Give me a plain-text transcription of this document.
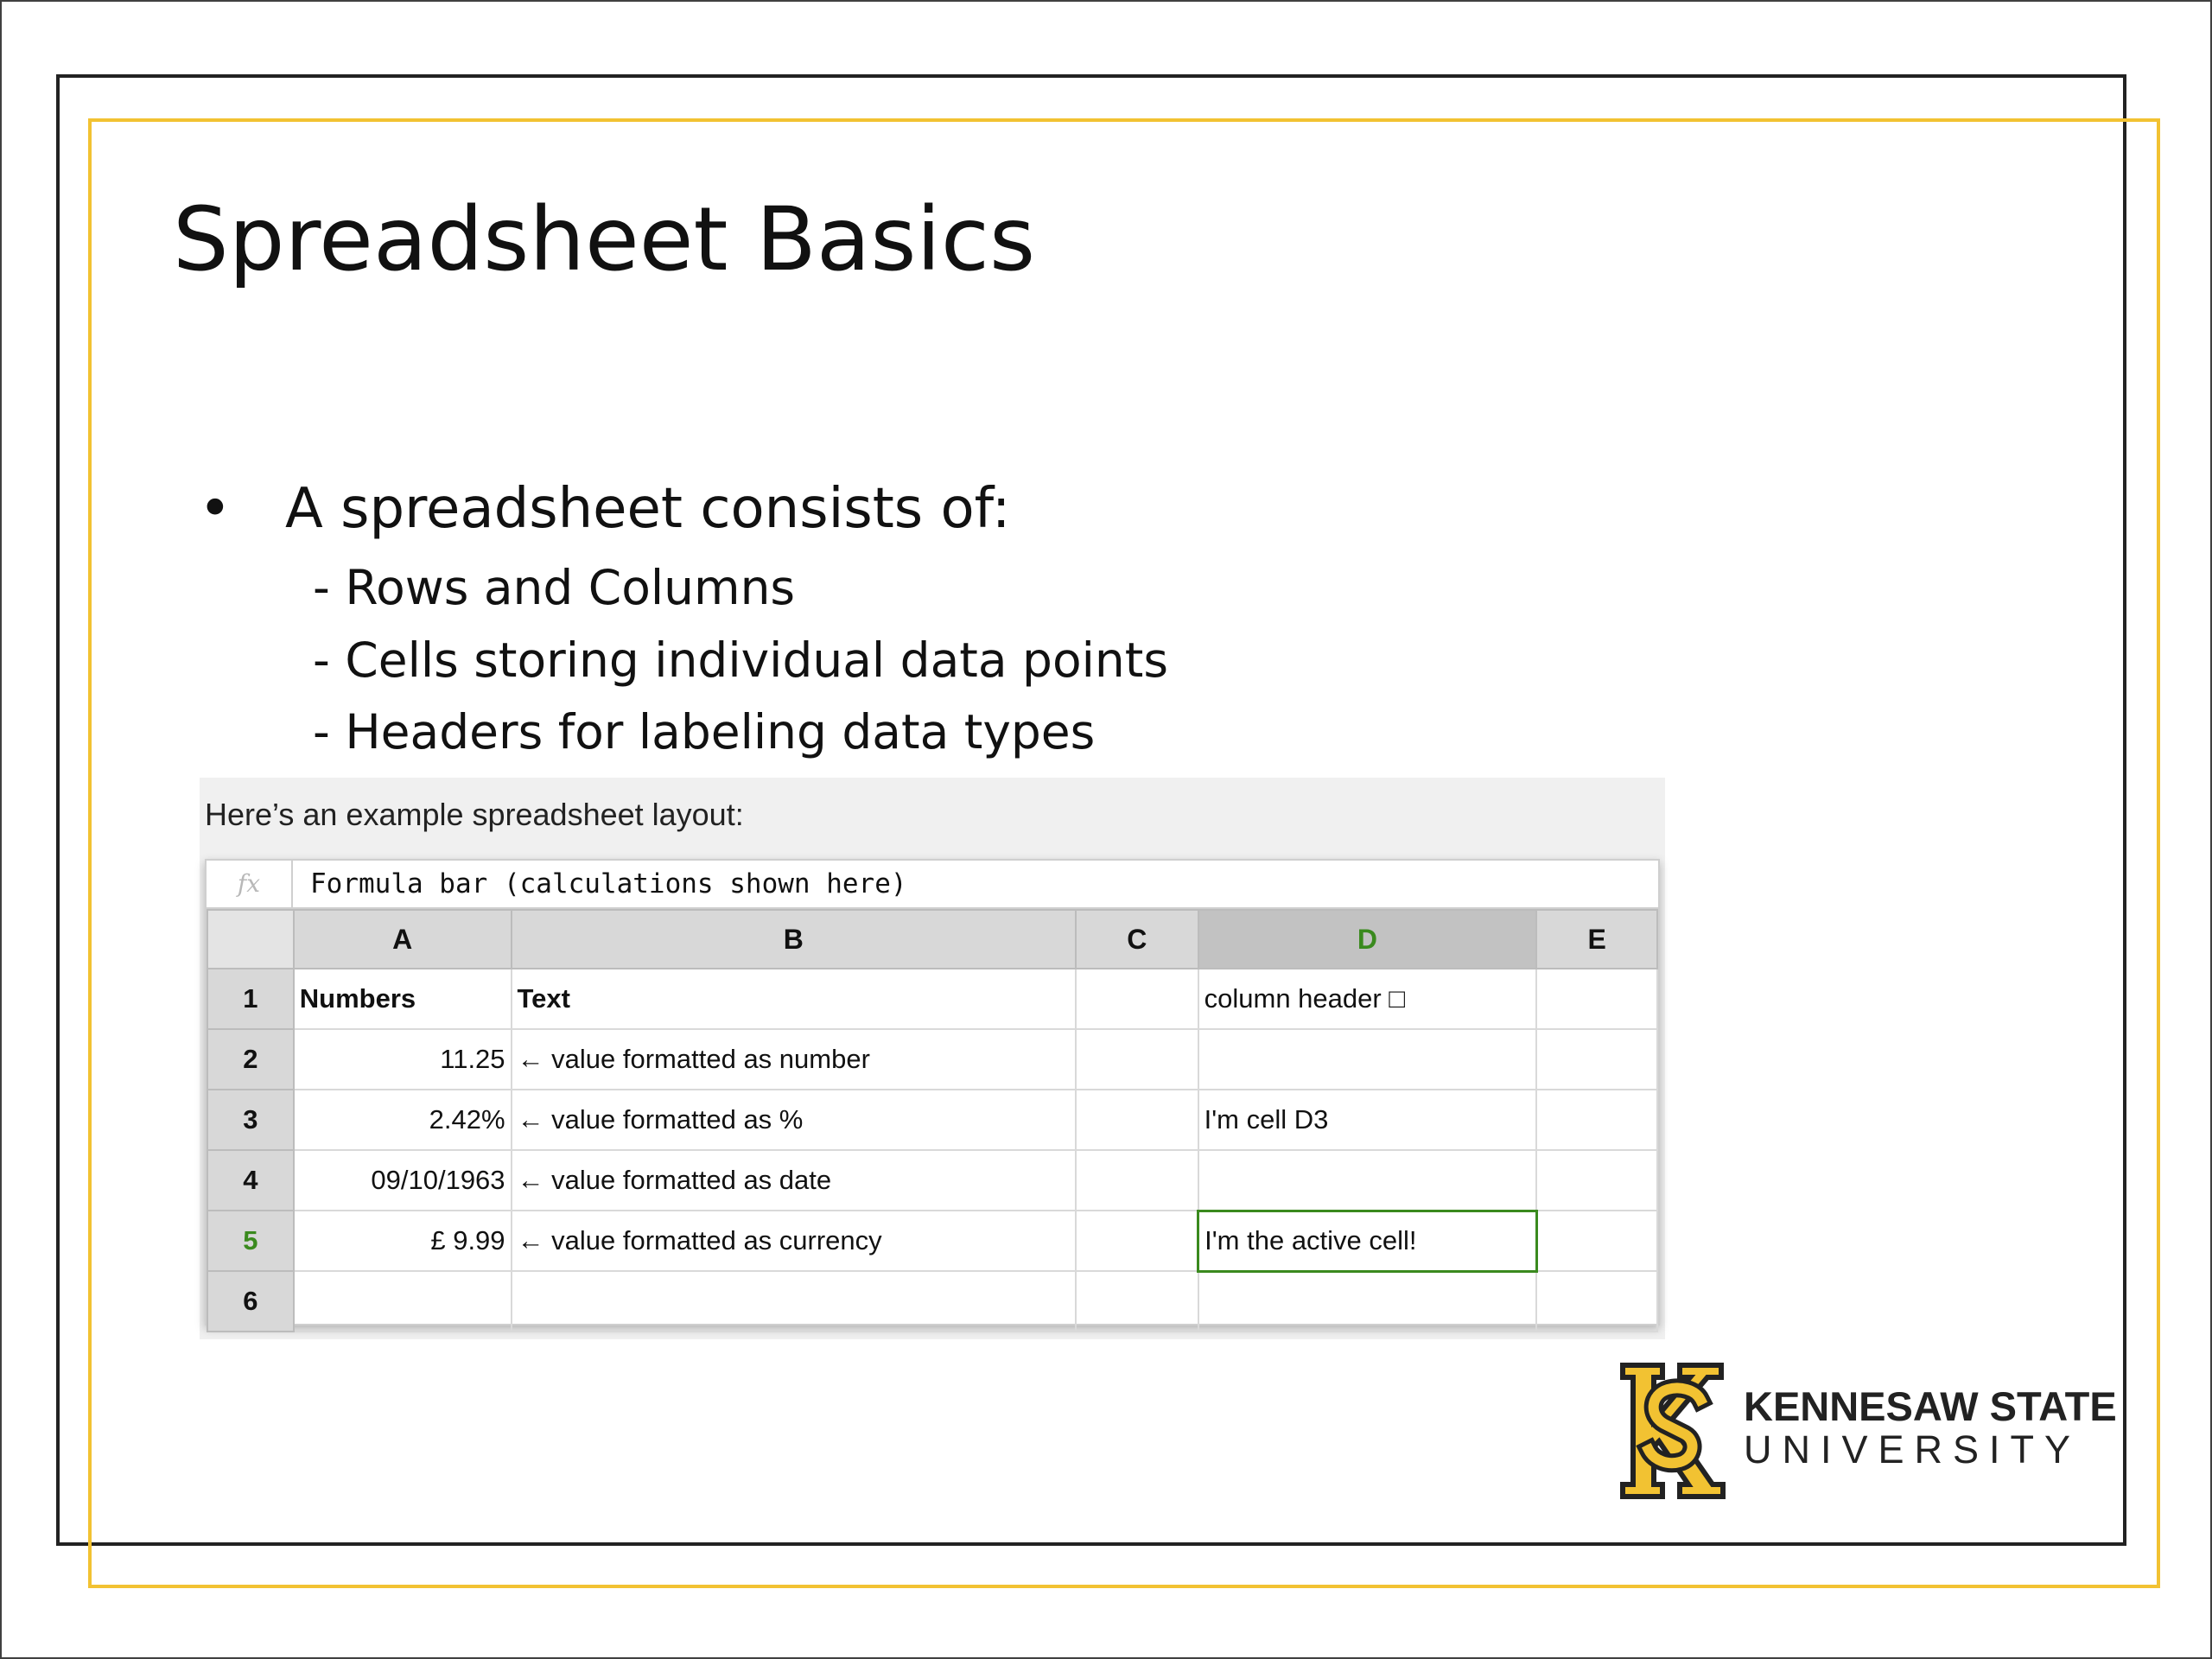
Spreadsheet Basics
• A spreadsheet consists of:
- Rows and Columns
- Cells storing individual data points
- Headers for labeling data types
Here’s an example spreadsheet layout:
fx	Formula bar (calculations shown here)
	A	B	C	D	E
1	Numbers	Text		column header □	
2	11.25	← value formatted as number			
3	2.42%	← value formatted as %		I'm cell D3	
4	09/10/1963	← value formatted as date			
5	£ 9.99	← value formatted as currency		I'm the active cell!	
6					
KENNESAW STATE
UNIVERSITY
